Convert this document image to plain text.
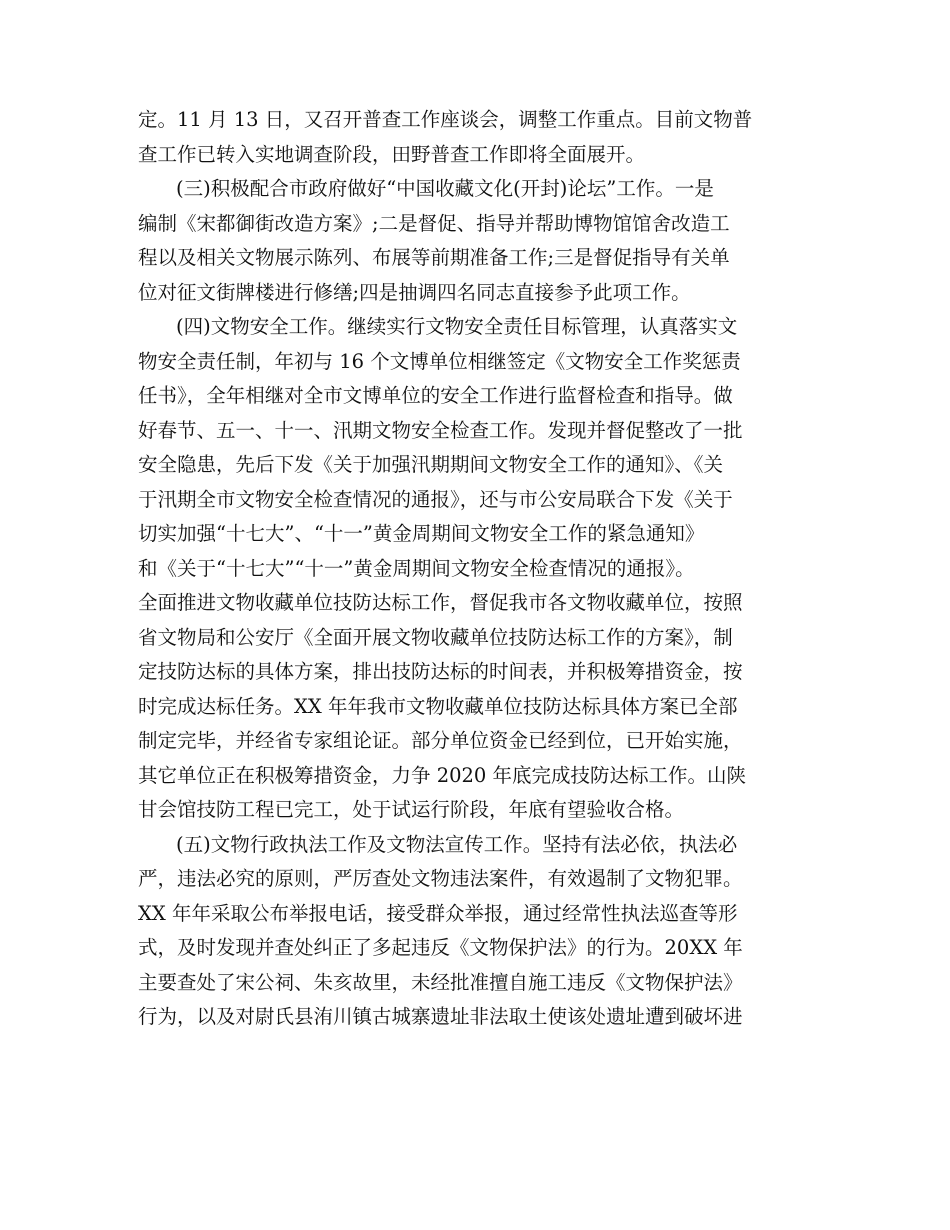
定。11 月 13 日，又召开普查工作座谈会，调整工作重点。目前文物普
查工作已转入实地调查阶段，田野普查工作即将全面展开。
(三)积极配合市政府做好“中国收藏文化(开封)论坛”工作。一是
编制《宋都御街改造方案》;二是督促、指导并帮助博物馆馆舍改造工
程以及相关文物展示陈列、布展等前期准备工作;三是督促指导有关单
位对征文街牌楼进行修缮;四是抽调四名同志直接参予此项工作。
(四)文物安全工作。继续实行文物安全责任目标管理，认真落实文
物安全责任制，年初与 16 个文博单位相继签定《文物安全工作奖惩责
任书》，全年相继对全市文博单位的安全工作进行监督检查和指导。做
好春节、五一、十一、汛期文物安全检查工作。发现并督促整改了一批
安全隐患，先后下发《关于加强汛期期间文物安全工作的通知》、《关
于汛期全市文物安全检查情况的通报》，还与市公安局联合下发《关于
切实加强“十七大”、“十一”黄金周期间文物安全工作的紧急通知》
和《关于“十七大”“十一”黄金周期间文物安全检查情况的通报》。
全面推进文物收藏单位技防达标工作，督促我市各文物收藏单位，按照
省文物局和公安厅《全面开展文物收藏单位技防达标工作的方案》，制
定技防达标的具体方案，排出技防达标的时间表，并积极筹措资金，按
时完成达标任务。XX 年年我市文物收藏单位技防达标具体方案已全部
制定完毕，并经省专家组论证。部分单位资金已经到位，已开始实施，
其它单位正在积极筹措资金，力争 2020 年底完成技防达标工作。山陕
甘会馆技防工程已完工，处于试运行阶段，年底有望验收合格。
(五)文物行政执法工作及文物法宣传工作。坚持有法必依，执法必
严，违法必究的原则，严厉查处文物违法案件，有效遏制了文物犯罪。
XX 年年采取公布举报电话，接受群众举报，通过经常性执法巡查等形
式，及时发现并查处纠正了多起违反《文物保护法》的行为。20XX 年
主要查处了宋公祠、朱亥故里，未经批准擅自施工违反《文物保护法》
行为，以及对尉氏县洧川镇古城寨遗址非法取土使该处遗址遭到破坏进
